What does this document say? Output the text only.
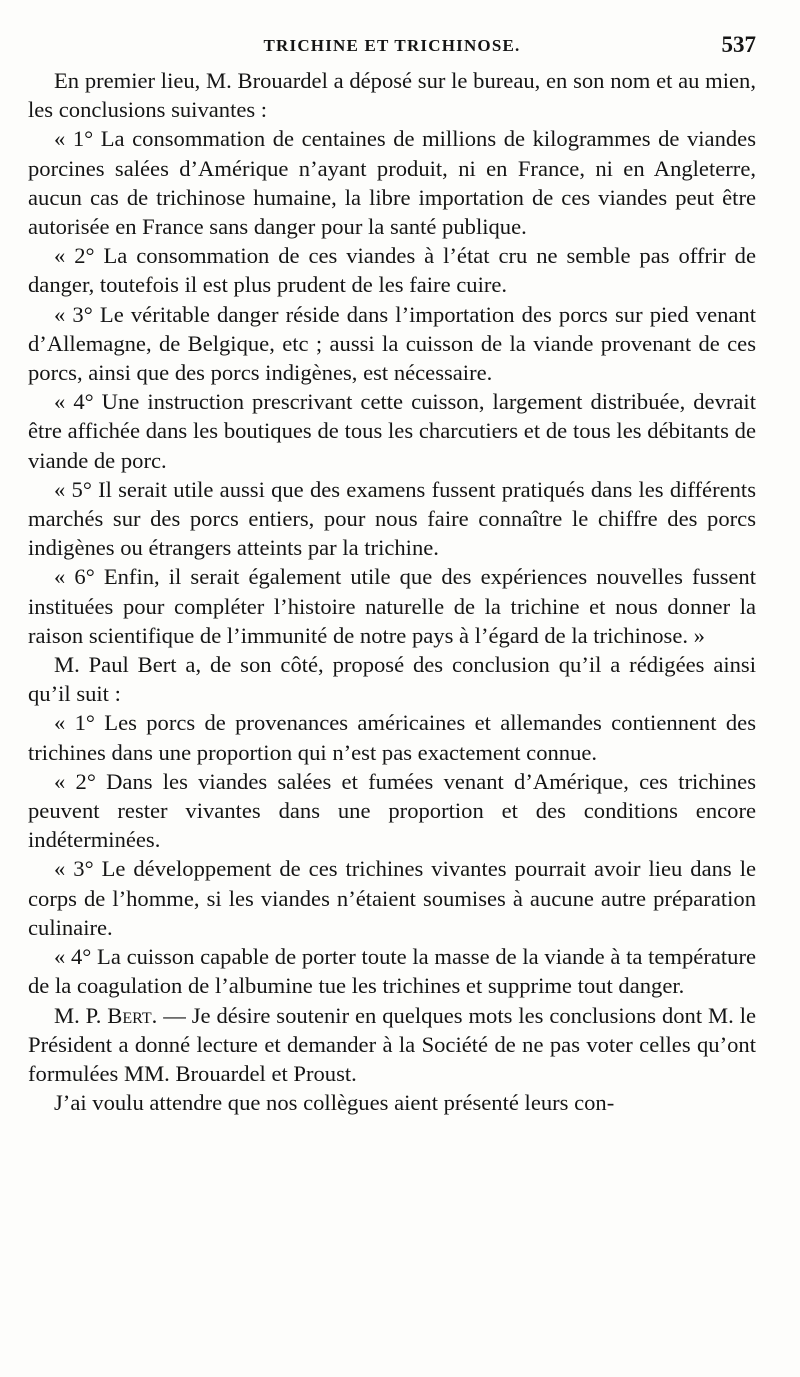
TRICHINE ET TRICHINOSE.	537

En premier lieu, M. Brouardel a déposé sur le bureau, en son nom et au mien, les conclusions suivantes :

« 1° La consommation de centaines de millions de kilogrammes de viandes porcines salées d’Amérique n’ayant produit, ni en France, ni en Angleterre, aucun cas de trichinose humaine, la libre importation de ces viandes peut être autorisée en France sans danger pour la santé publique.

« 2° La consommation de ces viandes à l’état cru ne semble pas offrir de danger, toutefois il est plus prudent de les faire cuire.

« 3° Le véritable danger réside dans l’importation des porcs sur pied venant d’Allemagne, de Belgique, etc ; aussi la cuisson de la viande provenant de ces porcs, ainsi que des porcs indigènes, est nécessaire.

« 4° Une instruction prescrivant cette cuisson, largement distribuée, devrait être affichée dans les boutiques de tous les charcutiers et de tous les débitants de viande de porc.

« 5° Il serait utile aussi que des examens fussent pratiqués dans les différents marchés sur des porcs entiers, pour nous faire connaître le chiffre des porcs indigènes ou étrangers atteints par la trichine.

« 6° Enfin, il serait également utile que des expériences nouvelles fussent instituées pour compléter l’histoire naturelle de la trichine et nous donner la raison scientifique de l’immunité de notre pays à l’égard de la trichinose. »

M. Paul Bert a, de son côté, proposé des conclusion qu’il a rédigées ainsi qu’il suit :

« 1° Les porcs de provenances américaines et allemandes contiennent des trichines dans une proportion qui n’est pas exactement connue.

« 2° Dans les viandes salées et fumées venant d’Amérique, ces trichines peuvent rester vivantes dans une proportion et des conditions encore indéterminées.

« 3° Le développement de ces trichines vivantes pourrait avoir lieu dans le corps de l’homme, si les viandes n’étaient soumises à aucune autre préparation culinaire.

« 4° La cuisson capable de porter toute la masse de la viande à ta température de la coagulation de l’albumine tue les trichines et supprime tout danger.

M. P. Bert. — Je désire soutenir en quelques mots les conclusions dont M. le Président a donné lecture et demander à la Société de ne pas voter celles qu’ont formulées MM. Brouardel et Proust.

J’ai voulu attendre que nos collègues aient présenté leurs con-
